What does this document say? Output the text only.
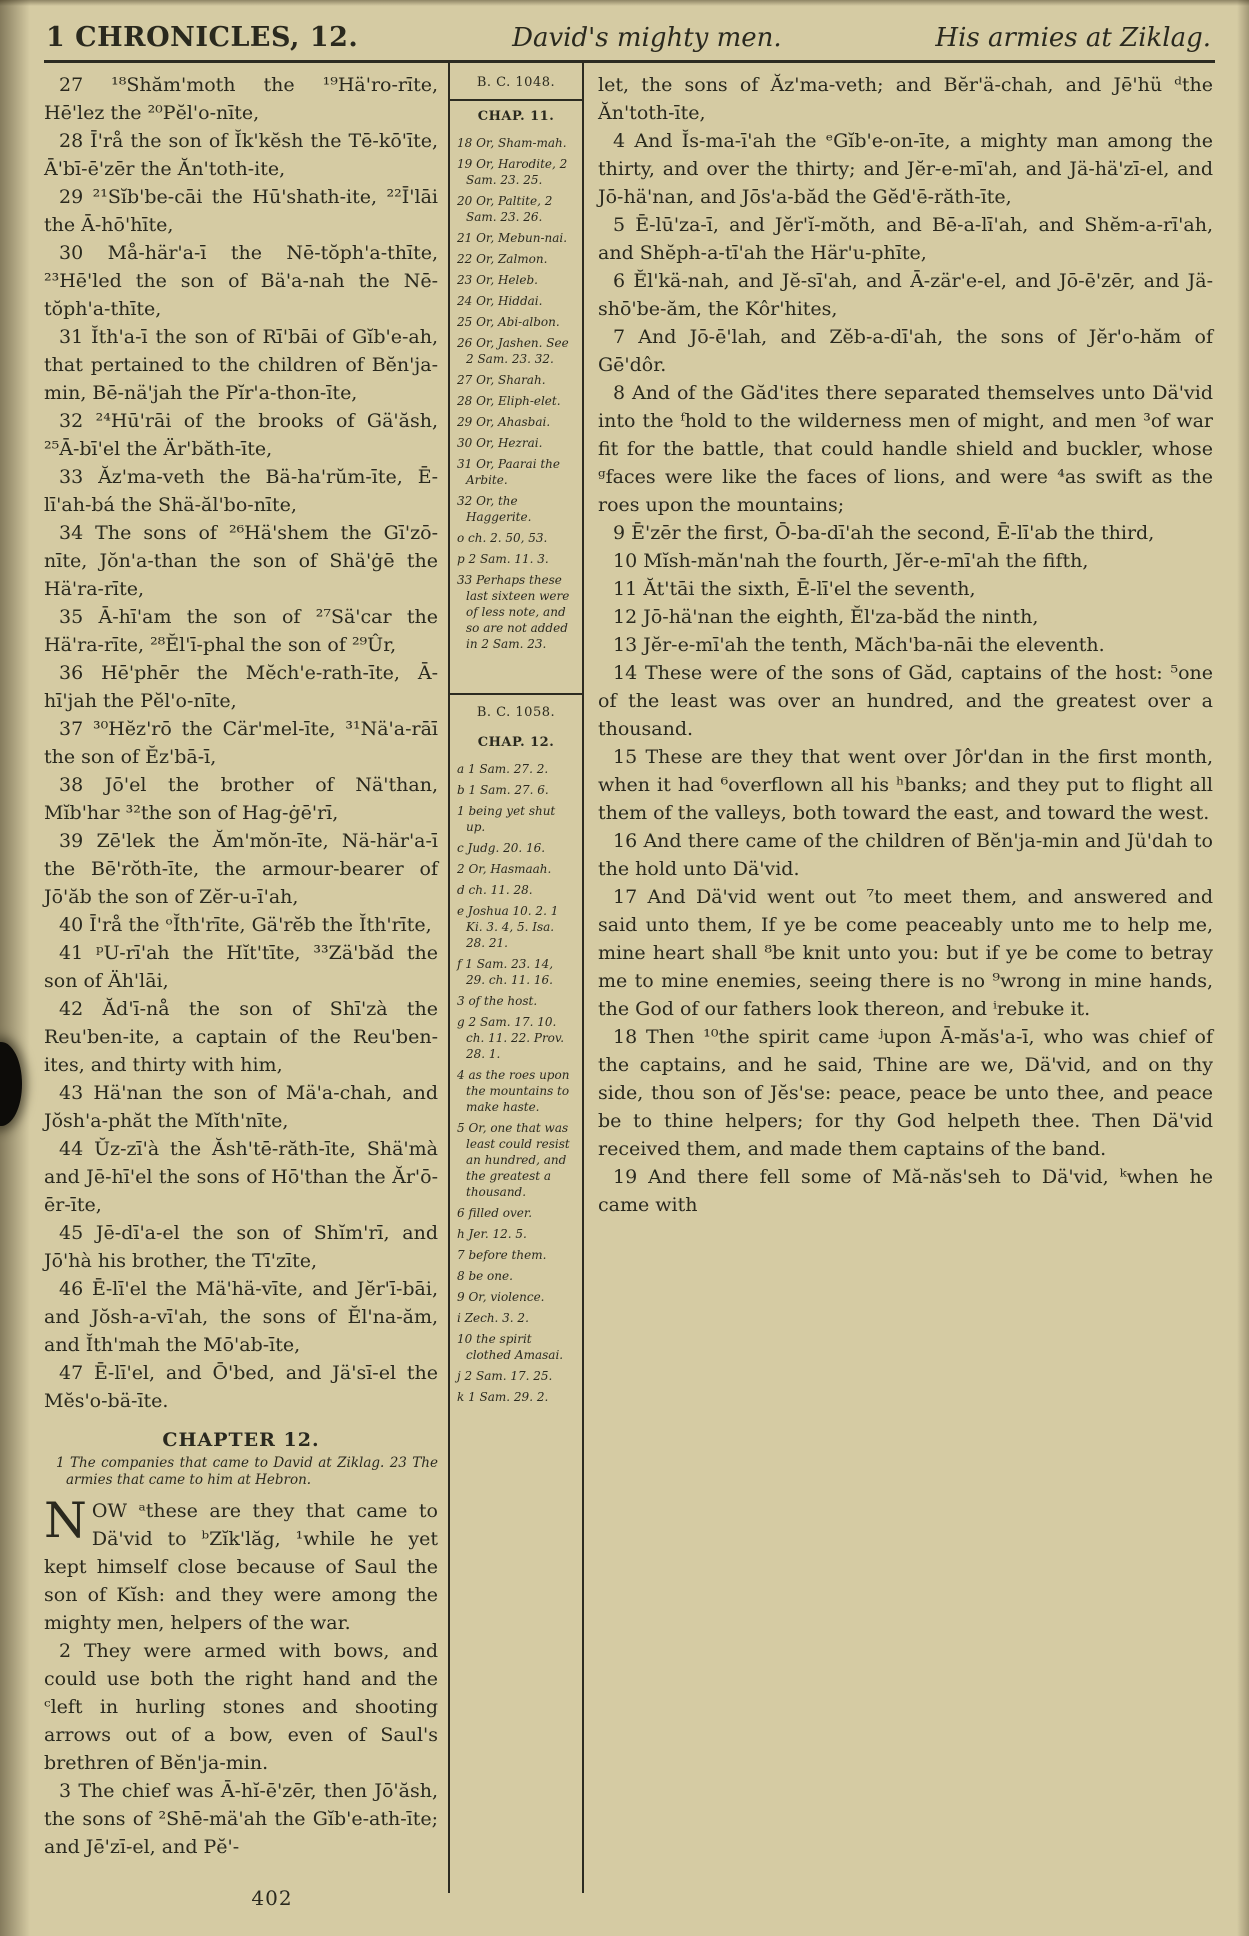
1 CHRONICLES, 12.	David's mighty men.	His armies at Ziklag.

27 ¹⁸Shăm'moth the ¹⁹Hä'ro-rīte, Hē'lez the ²⁰Pĕl'o-nīte,

28 Ī'rå the son of Ĭk'kĕsh the Tē-kō'īte, Ā'bī-ē'zēr the Ăn'toth-ite,

29 ²¹Sĭb'be-cāi the Hū'shath-ite, ²²Ī'lāi the Ā-hō'hīte,

30 Må-här'a-ī the Nē-tŏph'a-thīte, ²³Hē'led the son of Bä'a-nah the Nē-tŏph'a-thīte,

31 Ĭth'a-ī the son of Rī'bāi of Gĭb'e-ah, that pertained to the children of Bĕn'ja-min, Bē-nä'jah the Pĭr'a-thon-īte,

32 ²⁴Hū'rāi of the brooks of Gä'ăsh, ²⁵Ā-bī'el the Är'băth-īte,

33 Ăz'ma-veth the Bä-ha'rŭm-īte, Ē-lī'ah-bá the Shä-ăl'bo-nīte,

34 The sons of ²⁶Hä'shem the Gī'zō-nīte, Jŏn'a-than the son of Shä'ġē the Hä'ra-rīte,

35 Ā-hī'am the son of ²⁷Sä'car the Hä'ra-rīte, ²⁸Ĕl'ī-phal the son of ²⁹Ûr,

36 Hē'phēr the Mĕch'e-rath-īte, Ā-hī'jah the Pĕl'o-nīte,

37 ³⁰Hĕz'rō the Cär'mel-īte, ³¹Nä'a-rāī the son of Ĕz'bā-ī,

38 Jō'el the brother of Nä'than, Mĭb'har ³²the son of Hag-ġē'rī,

39 Zē'lek the Ăm'mŏn-īte, Nä-här'a-ī the Bē'rŏth-īte, the armour-bearer of Jō'ăb the son of Zĕr-u-ī'ah,

40 Ī'rå the ᵒĬth'rīte, Gä'rĕb the Ĭth'rīte,

41 ᵖU-rī'ah the Hĭt'tīte, ³³Zä'băd the son of Äh'lāi,

42 Ăd'ī-nå the son of Shī'zà the Reu'ben-ite, a captain of the Reu'ben-ites, and thirty with him,

43 Hä'nan the son of Mä'a-chah, and Jŏsh'a-phăt the Mĭth'nīte,

44 Ŭz-zī'à the Ăsh'tē-răth-īte, Shä'mà and Jē-hī'el the sons of Hō'than the Ăr'ō-ēr-īte,

45 Jē-dī'a-el the son of Shĭm'rī, and Jō'hà his brother, the Tī'zīte,

46 Ē-lī'el the Mä'hä-vīte, and Jĕr'ī-bāi, and Jŏsh-a-vī'ah, the sons of Ĕl'na-ăm, and Ĭth'mah the Mō'ab-īte,

47 Ē-lī'el, and Ō'bed, and Jä'sī-el the Mĕs'o-bä-īte.

CHAPTER 12.

1 The companies that came to David at Ziklag. 23 The armies that came to him at Hebron.

NOW ᵃthese are they that came to Dä'vid to ᵇZĭk'lăg, ¹while he yet kept himself close because of Saul the son of Kĭsh: and they were among the mighty men, helpers of the war.

2 They were armed with bows, and could use both the right hand and the ᶜleft in hurling stones and shooting arrows out of a bow, even of Saul's brethren of Bĕn'ja-min.

3 The chief was Ā-hĭ-ē'zēr, then Jō'ăsh, the sons of ²Shē-mä'ah the Gĭb'e-ath-īte; and Jē'zī-el, and Pĕ'-

B. C. 1048.
CHAP. 11.

18 Or, Sham-mah.

19 Or, Harodite, 2 Sam. 23. 25.

20 Or, Paltite, 2 Sam. 23. 26.

21 Or, Mebun-nai.

22 Or, Zalmon.

23 Or, Heleb.

24 Or, Hiddai.

25 Or, Abi-albon.

26 Or, Jashen. See 2 Sam. 23. 32.

27 Or, Sharah.

28 Or, Eliph-elet.

29 Or, Ahasbai.

30 Or, Hezrai.

31 Or, Paarai the Arbite.

32 Or, the Haggerite.

o ch. 2. 50, 53.

p 2 Sam. 11. 3.

33 Perhaps these last sixteen were of less note, and so are not added in 2 Sam. 23.

B. C. 1058.
CHAP. 12.

a 1 Sam. 27. 2.

b 1 Sam. 27. 6.

1 being yet shut up.

c Judg. 20. 16.

2 Or, Hasmaah.

d ch. 11. 28.

e Joshua 10. 2. 1 Ki. 3. 4, 5. Isa. 28. 21.

f 1 Sam. 23. 14, 29. ch. 11. 16.

3 of the host.

g 2 Sam. 17. 10. ch. 11. 22. Prov. 28. 1.

4 as the roes upon the mountains to make haste.

5 Or, one that was least could resist an hundred, and the greatest a thousand.

6 filled over.

h Jer. 12. 5.

7 before them.

8 be one.

9 Or, violence.

i Zech. 3. 2.

10 the spirit clothed Amasai.

j 2 Sam. 17. 25.

k 1 Sam. 29. 2.

let, the sons of Ăz'ma-veth; and Bĕr'ä-chah, and Jē'hü ᵈthe Ăn'toth-īte,

4 And Ĭs-ma-ī'ah the ᵉGĭb'e-on-īte, a mighty man among the thirty, and over the thirty; and Jĕr-e-mī'ah, and Jä-hä'zī-el, and Jō-hä'nan, and Jōs'a-băd the Gĕd'ē-răth-īte,

5 Ē-lū'za-ī, and Jĕr'ĭ-mŏth, and Bē-a-lī'ah, and Shĕm-a-rī'ah, and Shĕph-a-tī'ah the Här'u-phīte,

6 Ĕl'kä-nah, and Jĕ-sī'ah, and Ā-zär'e-el, and Jō-ē'zēr, and Jä-shō'be-ăm, the Kôr'hites,

7 And Jō-ē'lah, and Zĕb-a-dī'ah, the sons of Jĕr'o-hăm of Gē'dôr.

8 And of the Găd'ites there separated themselves unto Dä'vid into the ᶠhold to the wilderness men of might, and men ³of war fit for the battle, that could handle shield and buckler, whose ᵍfaces were like the faces of lions, and were ⁴as swift as the roes upon the mountains;

9 Ē'zēr the first, Ō-ba-dī'ah the second, Ē-lī'ab the third,

10 Mĭsh-măn'nah the fourth, Jĕr-e-mī'ah the fifth,

11 Ăt'tāi the sixth, Ē-lī'el the seventh,

12 Jō-hä'nan the eighth, Ĕl'za-băd the ninth,

13 Jĕr-e-mī'ah the tenth, Măch'ba-nāi the eleventh.

14 These were of the sons of Găd, captains of the host: ⁵one of the least was over an hundred, and the greatest over a thousand.

15 These are they that went over Jôr'dan in the first month, when it had ⁶overflown all his ʰbanks; and they put to flight all them of the valleys, both toward the east, and toward the west.

16 And there came of the children of Bĕn'ja-min and Jü'dah to the hold unto Dä'vid.

17 And Dä'vid went out ⁷to meet them, and answered and said unto them, If ye be come peaceably unto me to help me, mine heart shall ⁸be knit unto you: but if ye be come to betray me to mine enemies, seeing there is no ⁹wrong in mine hands, the God of our fathers look thereon, and ⁱrebuke it.

18 Then ¹⁰the spirit came ʲupon Ā-măs'a-ī, who was chief of the captains, and he said, Thine are we, Dä'vid, and on thy side, thou son of Jĕs'se: peace, peace be unto thee, and peace be to thine helpers; for thy God helpeth thee. Then Dä'vid received them, and made them captains of the band.

19 And there fell some of Mă-năs'seh to Dä'vid, ᵏwhen he came with

402
